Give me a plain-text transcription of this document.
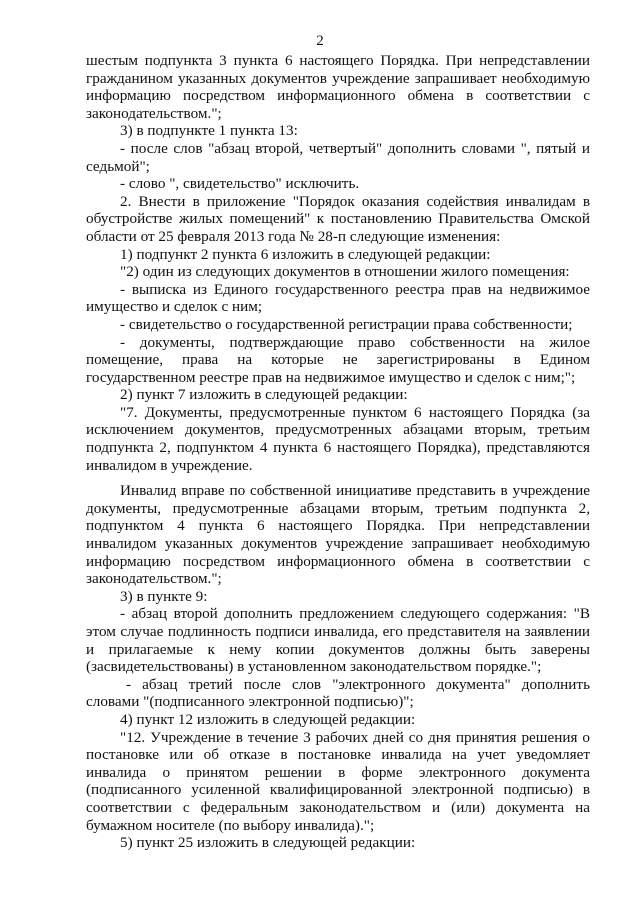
2

шестым подпункта 3 пункта 6 настоящего Порядка. При непредставлении гражданином указанных документов учреждение запрашивает необходимую информацию посредством информационного обмена в соответствии с законодательством.";

3) в подпункте 1 пункта 13:

- после слов "абзац второй, четвертый" дополнить словами ", пятый и седьмой";

- слово ", свидетельство" исключить.

2. Внести в приложение "Порядок оказания содействия инвалидам в обустройстве жилых помещений" к постановлению Правительства Омской области от 25 февраля 2013 года № 28-п следующие изменения:

1) подпункт 2 пункта 6 изложить в следующей редакции:

"2) один из следующих документов в отношении жилого помещения:

- выписка из Единого государственного реестра прав на недвижимое имущество и сделок с ним;

- свидетельство о государственной регистрации права собственности;

- документы, подтверждающие право собственности на жилое помещение, права на которые не зарегистрированы в Едином государственном реестре прав на недвижимое имущество и сделок с ним;";

2) пункт 7 изложить в следующей редакции:

"7. Документы, предусмотренные пунктом 6 настоящего Порядка (за исключением документов, предусмотренных абзацами вторым, третьим подпункта 2, подпунктом 4 пункта 6 настоящего Порядка), представляются инвалидом в учреждение.

Инвалид вправе по собственной инициативе представить в учреждение документы, предусмотренные абзацами вторым, третьим подпункта 2, подпунктом 4 пункта 6 настоящего Порядка. При непредставлении инвалидом указанных документов учреждение запрашивает необходимую информацию посредством информационного обмена в соответствии с законодательством.";

3) в пункте 9:

- абзац второй дополнить предложением следующего содержания: "В этом случае подлинность подписи инвалида, его представителя на заявлении и прилагаемые к нему копии документов должны быть заверены (засвидетельствованы) в установленном законодательством порядке.";

- абзац третий после слов "электронного документа" дополнить словами "(подписанного электронной подписью)";

4) пункт 12 изложить в следующей редакции:

"12. Учреждение в течение 3 рабочих дней со дня принятия решения о постановке или об отказе в постановке инвалида на учет уведомляет инвалида о принятом решении в форме электронного документа (подписанного усиленной квалифицированной электронной подписью) в соответствии с федеральным законодательством и (или) документа на бумажном носителе (по выбору инвалида).";

5) пункт 25 изложить в следующей редакции:
